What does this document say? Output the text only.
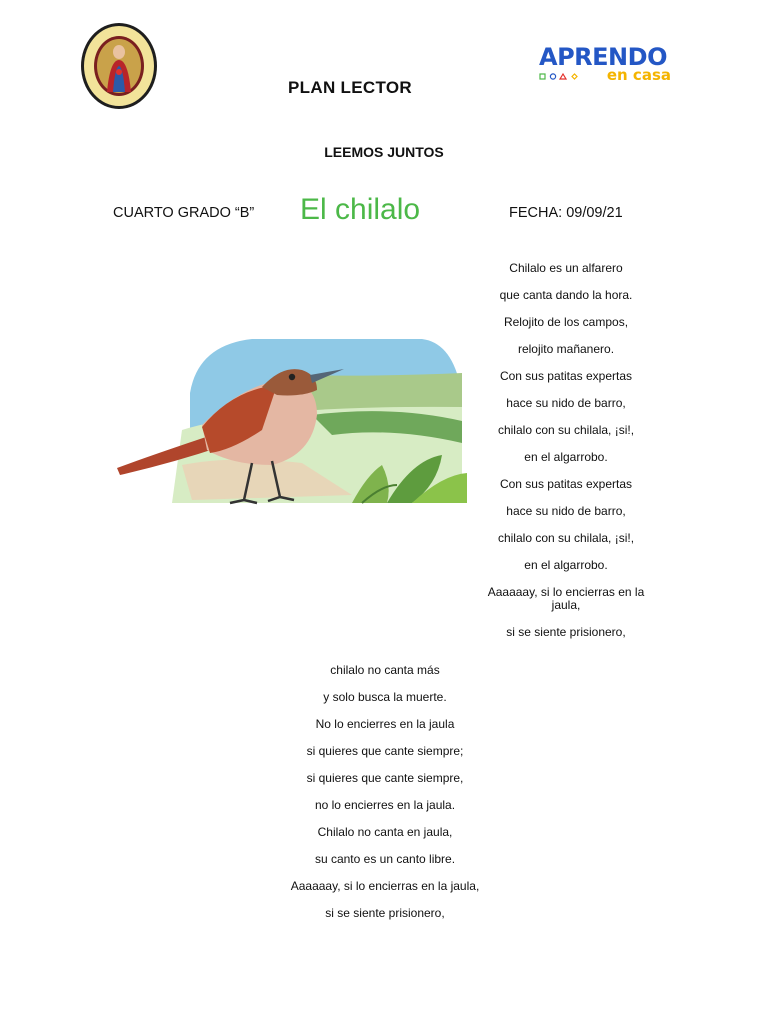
APRENDO
en casa
PLAN LECTOR
LEEMOS JUNTOS
CUARTO GRADO “B” El chilalo	FECHA: 09/09/21
Chilalo es un alfarero
que canta dando la hora.
Relojito de los campos,
relojito mañanero.
Con sus patitas expertas
hace su nido de barro,
chilalo con su chilala, ¡si!,
en el algarrobo.
Con sus patitas expertas
hace su nido de barro,
chilalo con su chilala, ¡si!,
en el algarrobo.
Aaaaaay, si lo encierras en la jaula,
si se siente prisionero,
chilalo no canta más
y solo busca la muerte.
No lo encierres en la jaula
si quieres que cante siempre;
si quieres que cante siempre,
no lo encierres en la jaula.
Chilalo no canta en jaula,
su canto es un canto libre.
Aaaaaay, si lo encierras en la jaula,
si se siente prisionero,
